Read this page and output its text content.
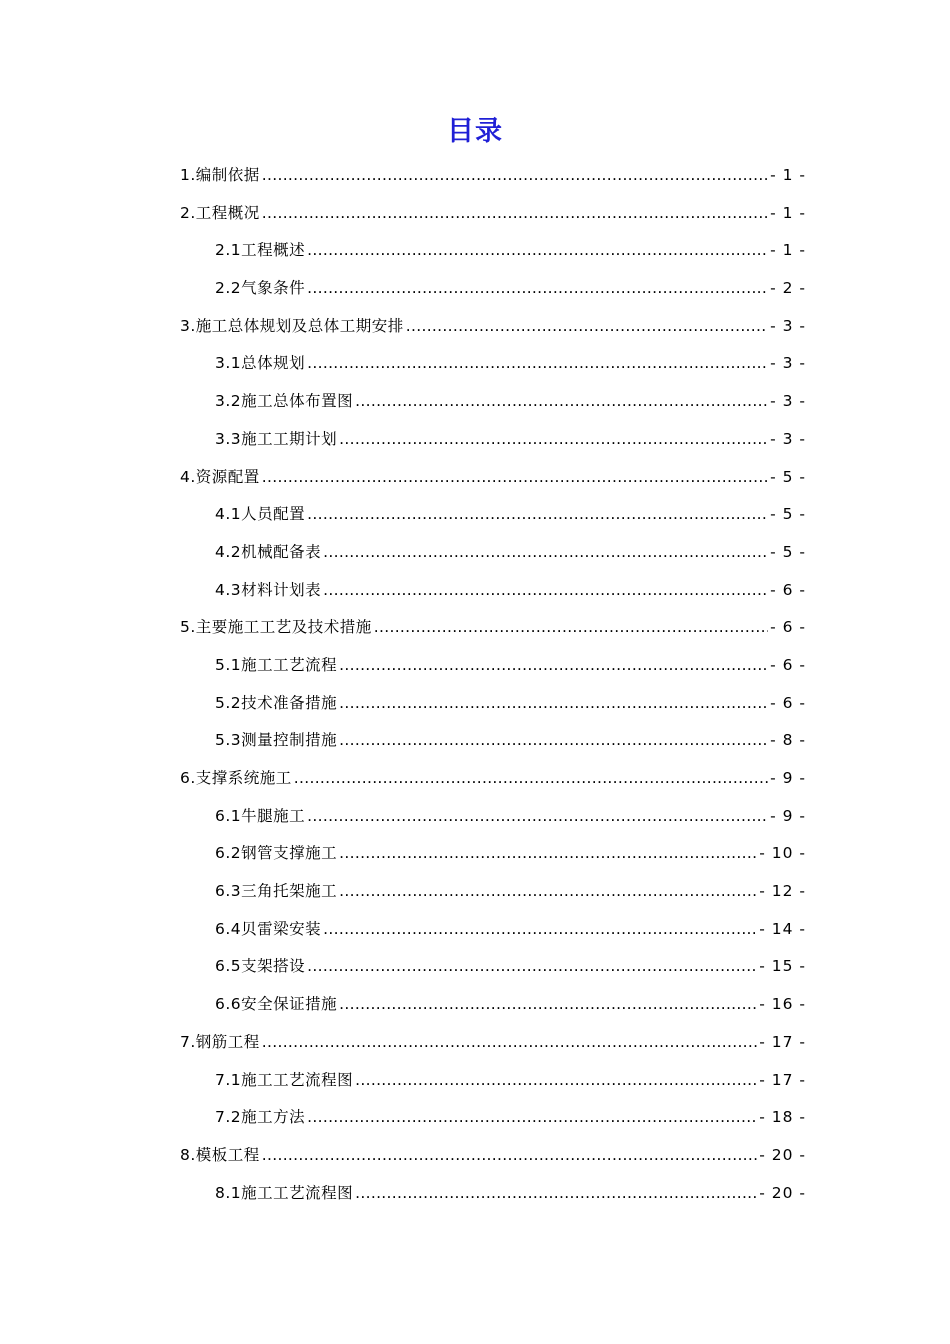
目录
1.编制依据 .....	- 1 -
2.工程概况 .....	- 1 -
2.1工程概述 .....	- 1 -
2.2气象条件 .....	- 2 -
3.施工总体规划及总体工期安排 .....	- 3 -
3.1总体规划 .....	- 3 -
3.2施工总体布置图 .....	- 3 -
3.3施工工期计划 .....	- 3 -
4.资源配置 .....	- 5 -
4.1人员配置 .....	- 5 -
4.2机械配备表 .....	- 5 -
4.3材料计划表 .....	- 6 -
5.主要施工工艺及技术措施 .....	- 6 -
5.1施工工艺流程 .....	- 6 -
5.2技术准备措施 .....	- 6 -
5.3测量控制措施 .....	- 8 -
6.支撑系统施工 .....	- 9 -
6.1牛腿施工 .....	- 9 -
6.2钢管支撑施工 .....	- 10 -
6.3三角托架施工 .....	- 12 -
6.4贝雷梁安装 .....	- 14 -
6.5支架搭设 .....	- 15 -
6.6安全保证措施 .....	- 16 -
7.钢筋工程 .....	- 17 -
7.1施工工艺流程图 .....	- 17 -
7.2施工方法 .....	- 18 -
8.模板工程 .....	- 20 -
8.1施工工艺流程图 .....	- 20 -
